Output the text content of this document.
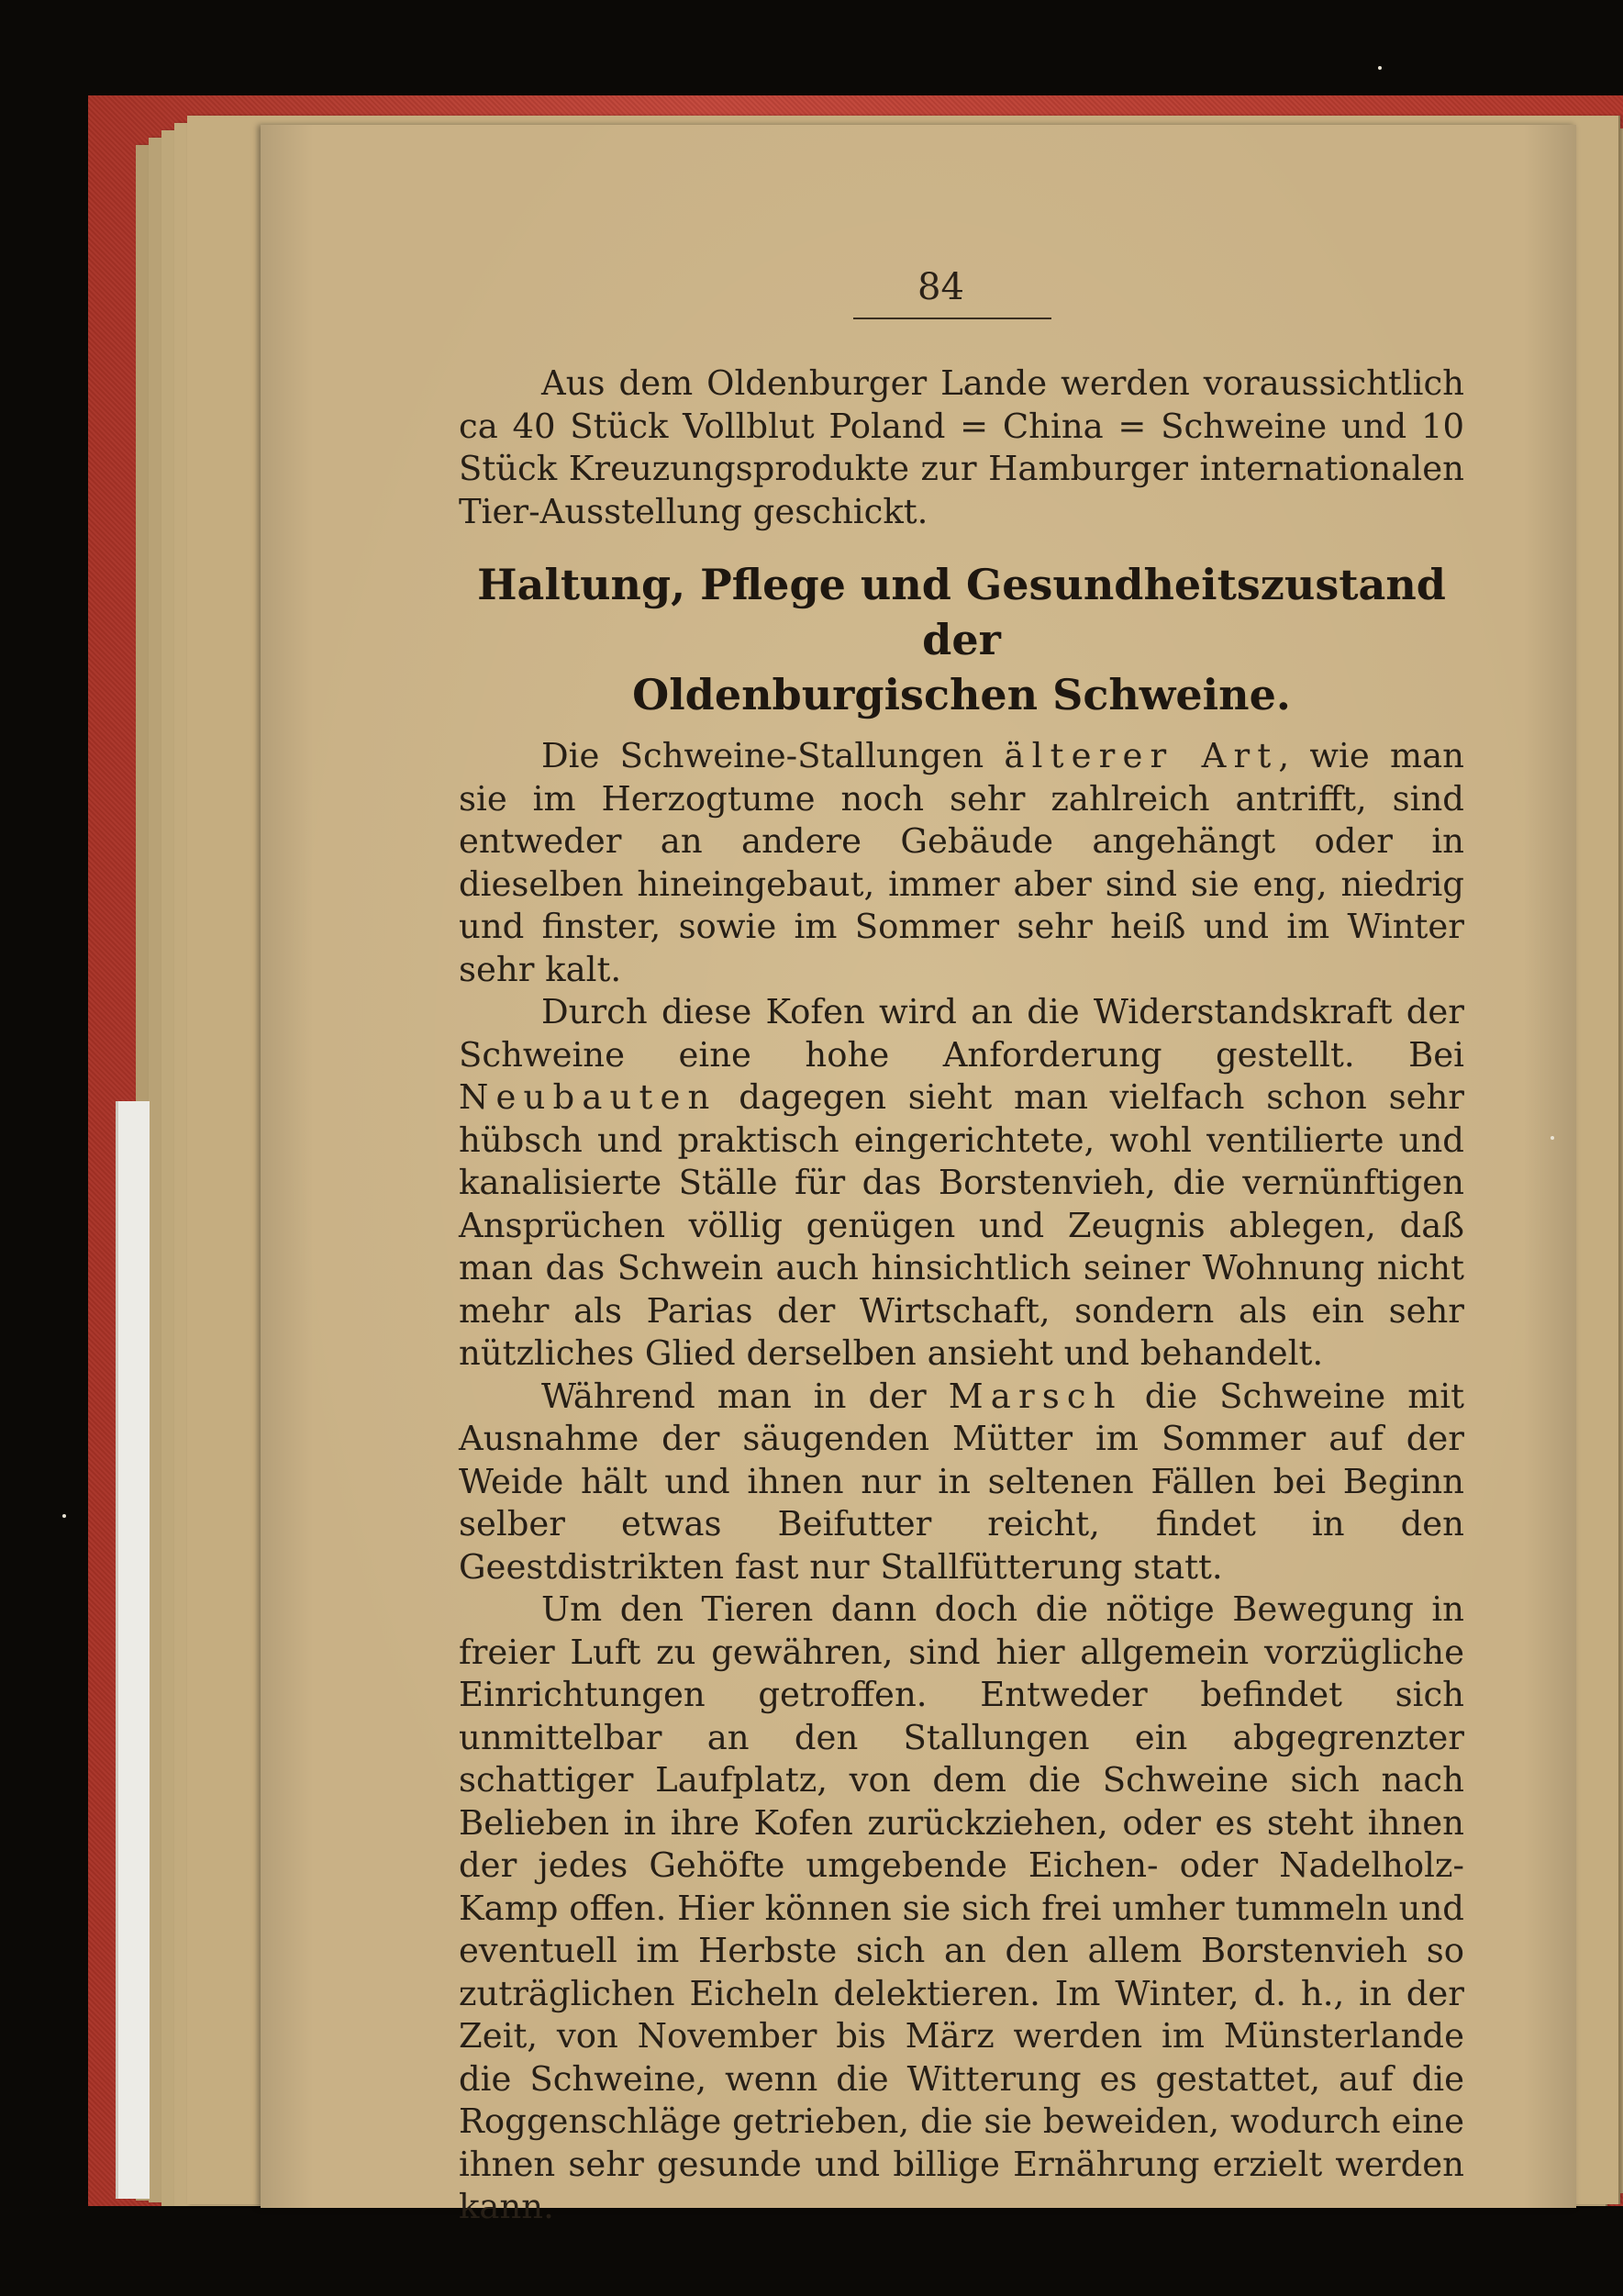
84

Aus dem Oldenburger Lande werden voraussichtlich ca 40 Stück Vollblut Poland = China = Schweine und 10 Stück Kreuzungsprodukte zur Hamburger internationalen Tier-Ausstellung geschickt.

Haltung, Pflege und Gesundheitszustand der
Oldenburgischen Schweine.

Die Schweine-Stallungen älterer Art, wie man sie im Herzogtume noch sehr zahlreich antrifft, sind entweder an andere Gebäude angehängt oder in dieselben hineingebaut, immer aber sind sie eng, niedrig und finster, sowie im Sommer sehr heiß und im Winter sehr kalt.

Durch diese Kofen wird an die Widerstandskraft der Schweine eine hohe Anforderung gestellt. Bei Neubauten dagegen sieht man vielfach schon sehr hübsch und praktisch eingerichtete, wohl ventilierte und kanalisierte Ställe für das Borstenvieh, die vernünftigen Ansprüchen völlig genügen und Zeugnis ablegen, daß man das Schwein auch hinsichtlich seiner Wohnung nicht mehr als Parias der Wirtschaft, sondern als ein sehr nützliches Glied derselben ansieht und behandelt.

Während man in der Marsch die Schweine mit Ausnahme der säugenden Mütter im Sommer auf der Weide hält und ihnen nur in seltenen Fällen bei Beginn selber etwas Beifutter reicht, findet in den Geestdistrikten fast nur Stallfütterung statt.

Um den Tieren dann doch die nötige Bewegung in freier Luft zu gewähren, sind hier allgemein vorzügliche Einrichtungen getroffen. Entweder befindet sich unmittelbar an den Stallungen ein abgegrenzter schattiger Laufplatz, von dem die Schweine sich nach Belieben in ihre Kofen zurückziehen, oder es steht ihnen der jedes Gehöfte umgebende Eichen- oder Nadelholz-Kamp offen. Hier können sie sich frei umher tummeln und eventuell im Herbste sich an den allem Borstenvieh so zuträglichen Eicheln delektieren. Im Winter, d. h., in der Zeit, von November bis März werden im Münsterlande die Schweine, wenn die Witterung es gestattet, auf die Roggenschläge getrieben, die sie beweiden, wodurch eine ihnen sehr gesunde und billige Ernährung erzielt werden kann.
